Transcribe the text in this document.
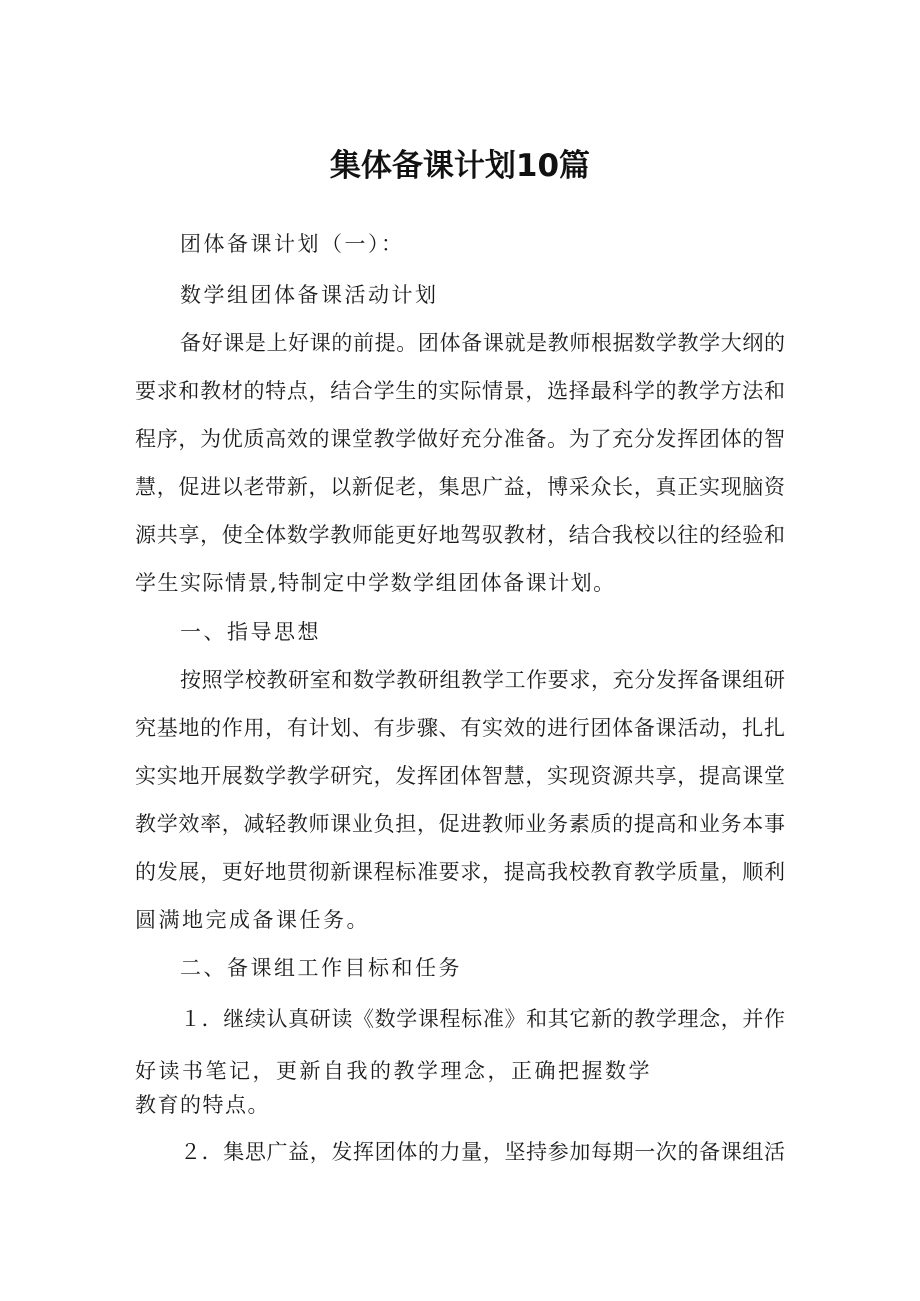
集体备课计划10篇
团体备课计划（一）：
数学组团体备课活动计划
备好课是上好课的前提。团体备课就是教师根据数学教学大纲的
要求和教材的特点，结合学生的实际情景，选择最科学的教学方法和
程序，为优质高效的课堂教学做好充分准备。为了充分发挥团体的智
慧，促进以老带新，以新促老，集思广益，博采众长，真正实现脑资
源共享，使全体数学教师能更好地驾驭教材，结合我校以往的经验和
学生实际情景,特制定中学数学组团体备课计划。
一、指导思想
按照学校教研室和数学教研组教学工作要求，充分发挥备课组研
究基地的作用，有计划、有步骤、有实效的进行团体备课活动，扎扎
实实地开展数学教学研究，发挥团体智慧，实现资源共享，提高课堂
教学效率，减轻教师课业负担，促进教师业务素质的提高和业务本事
的发展，更好地贯彻新课程标准要求，提高我校教育教学质量，顺利
圆满地完成备课任务。
二、备课组工作目标和任务
１．继续认真研读《数学课程标准》和其它新的教学理念，并作
好读书笔记，更新自我的教学理念，正确把握数学
教育的特点。
２．集思广益，发挥团体的力量，坚持参加每期一次的备课组活
